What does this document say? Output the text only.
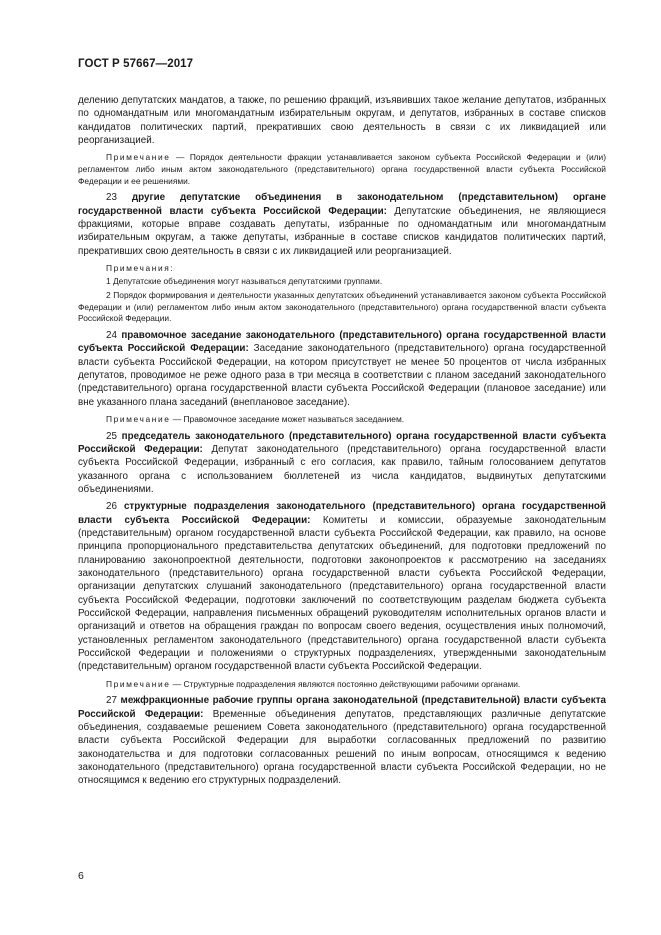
ГОСТ Р 57667—2017

делению депутатских мандатов, а также, по решению фракций, изъявивших такое желание депутатов, избранных по одномандатным или многомандатным избирательным округам, и депутатов, избранных в составе списков кандидатов политических партий, прекративших свою деятельность в связи с их ликвидацией или реорганизацией.

Примечание — Порядок деятельности фракции устанавливается законом субъекта Российской Федерации и (или) регламентом либо иным актом законодательного (представительного) органа государственной власти субъекта Российской Федерации и ее решениями.

23 другие депутатские объединения в законодательном (представительном) органе государственной власти субъекта Российской Федерации: Депутатские объединения, не являющиеся фракциями, которые вправе создавать депутаты, избранные по одномандатным или многомандатным избирательным округам, а также депутаты, избранные в составе списков кандидатов политических партий, прекративших свою деятельность в связи с их ликвидацией или реорганизацией.

Примечания:

1 Депутатские объединения могут называться депутатскими группами.

2 Порядок формирования и деятельности указанных депутатских объединений устанавливается законом субъекта Российской Федерации и (или) регламентом либо иным актом законодательного (представительного) органа государственной власти субъекта Российской Федерации.

24 правомочное заседание законодательного (представительного) органа государственной власти субъекта Российской Федерации: Заседание законодательного (представительного) органа государственной власти субъекта Российской Федерации, на котором присутствует не менее 50 процентов от числа избранных депутатов, проводимое не реже одного раза в три месяца в соответствии с планом заседаний законодательного (представительного) органа государственной власти субъекта Российской Федерации (плановое заседание) или вне указанного плана заседаний (внеплановое заседание).

Примечание — Правомочное заседание может называться заседанием.

25 председатель законодательного (представительного) органа государственной власти субъекта Российской Федерации: Депутат законодательного (представительного) органа государственной власти субъекта Российской Федерации, избранный с его согласия, как правило, тайным голосованием депутатов указанного органа с использованием бюллетеней из числа кандидатов, выдвинутых депутатскими объединениями.

26 структурные подразделения законодательного (представительного) органа государственной власти субъекта Российской Федерации: Комитеты и комиссии, образуемые законодательным (представительным) органом государственной власти субъекта Российской Федерации, как правило, на основе принципа пропорционального представительства депутатских объединений, для подготовки предложений по планированию законопроектной деятельности, подготовки законопроектов к рассмотрению на заседаниях законодательного (представительного) органа государственной власти субъекта Российской Федерации, организации депутатских слушаний законодательного (представительного) органа государственной власти субъекта Российской Федерации, подготовки заключений по соответствующим разделам бюджета субъекта Российской Федерации, направления письменных обращений руководителям исполнительных органов власти и организаций и ответов на обращения граждан по вопросам своего ведения, осуществления иных полномочий, установленных регламентом законодательного (представительного) органа государственной власти субъекта Российской Федерации и положениями о структурных подразделениях, утвержденными законодательным (представительным) органом государственной власти субъекта Российской Федерации.

Примечание — Структурные подразделения являются постоянно действующими рабочими органами.

27 межфракционные рабочие группы органа законодательной (представительной) власти субъекта Российской Федерации: Временные объединения депутатов, представляющих различные депутатские объединения, создаваемые решением Совета законодательного (представительного) органа государственной власти субъекта Российской Федерации для выработки согласованных предложений по развитию законодательства и для подготовки согласованных решений по иным вопросам, относящимся к ведению законодательного (представительного) органа государственной власти субъекта Российской Федерации, но не относящимся к ведению его структурных подразделений.

6
